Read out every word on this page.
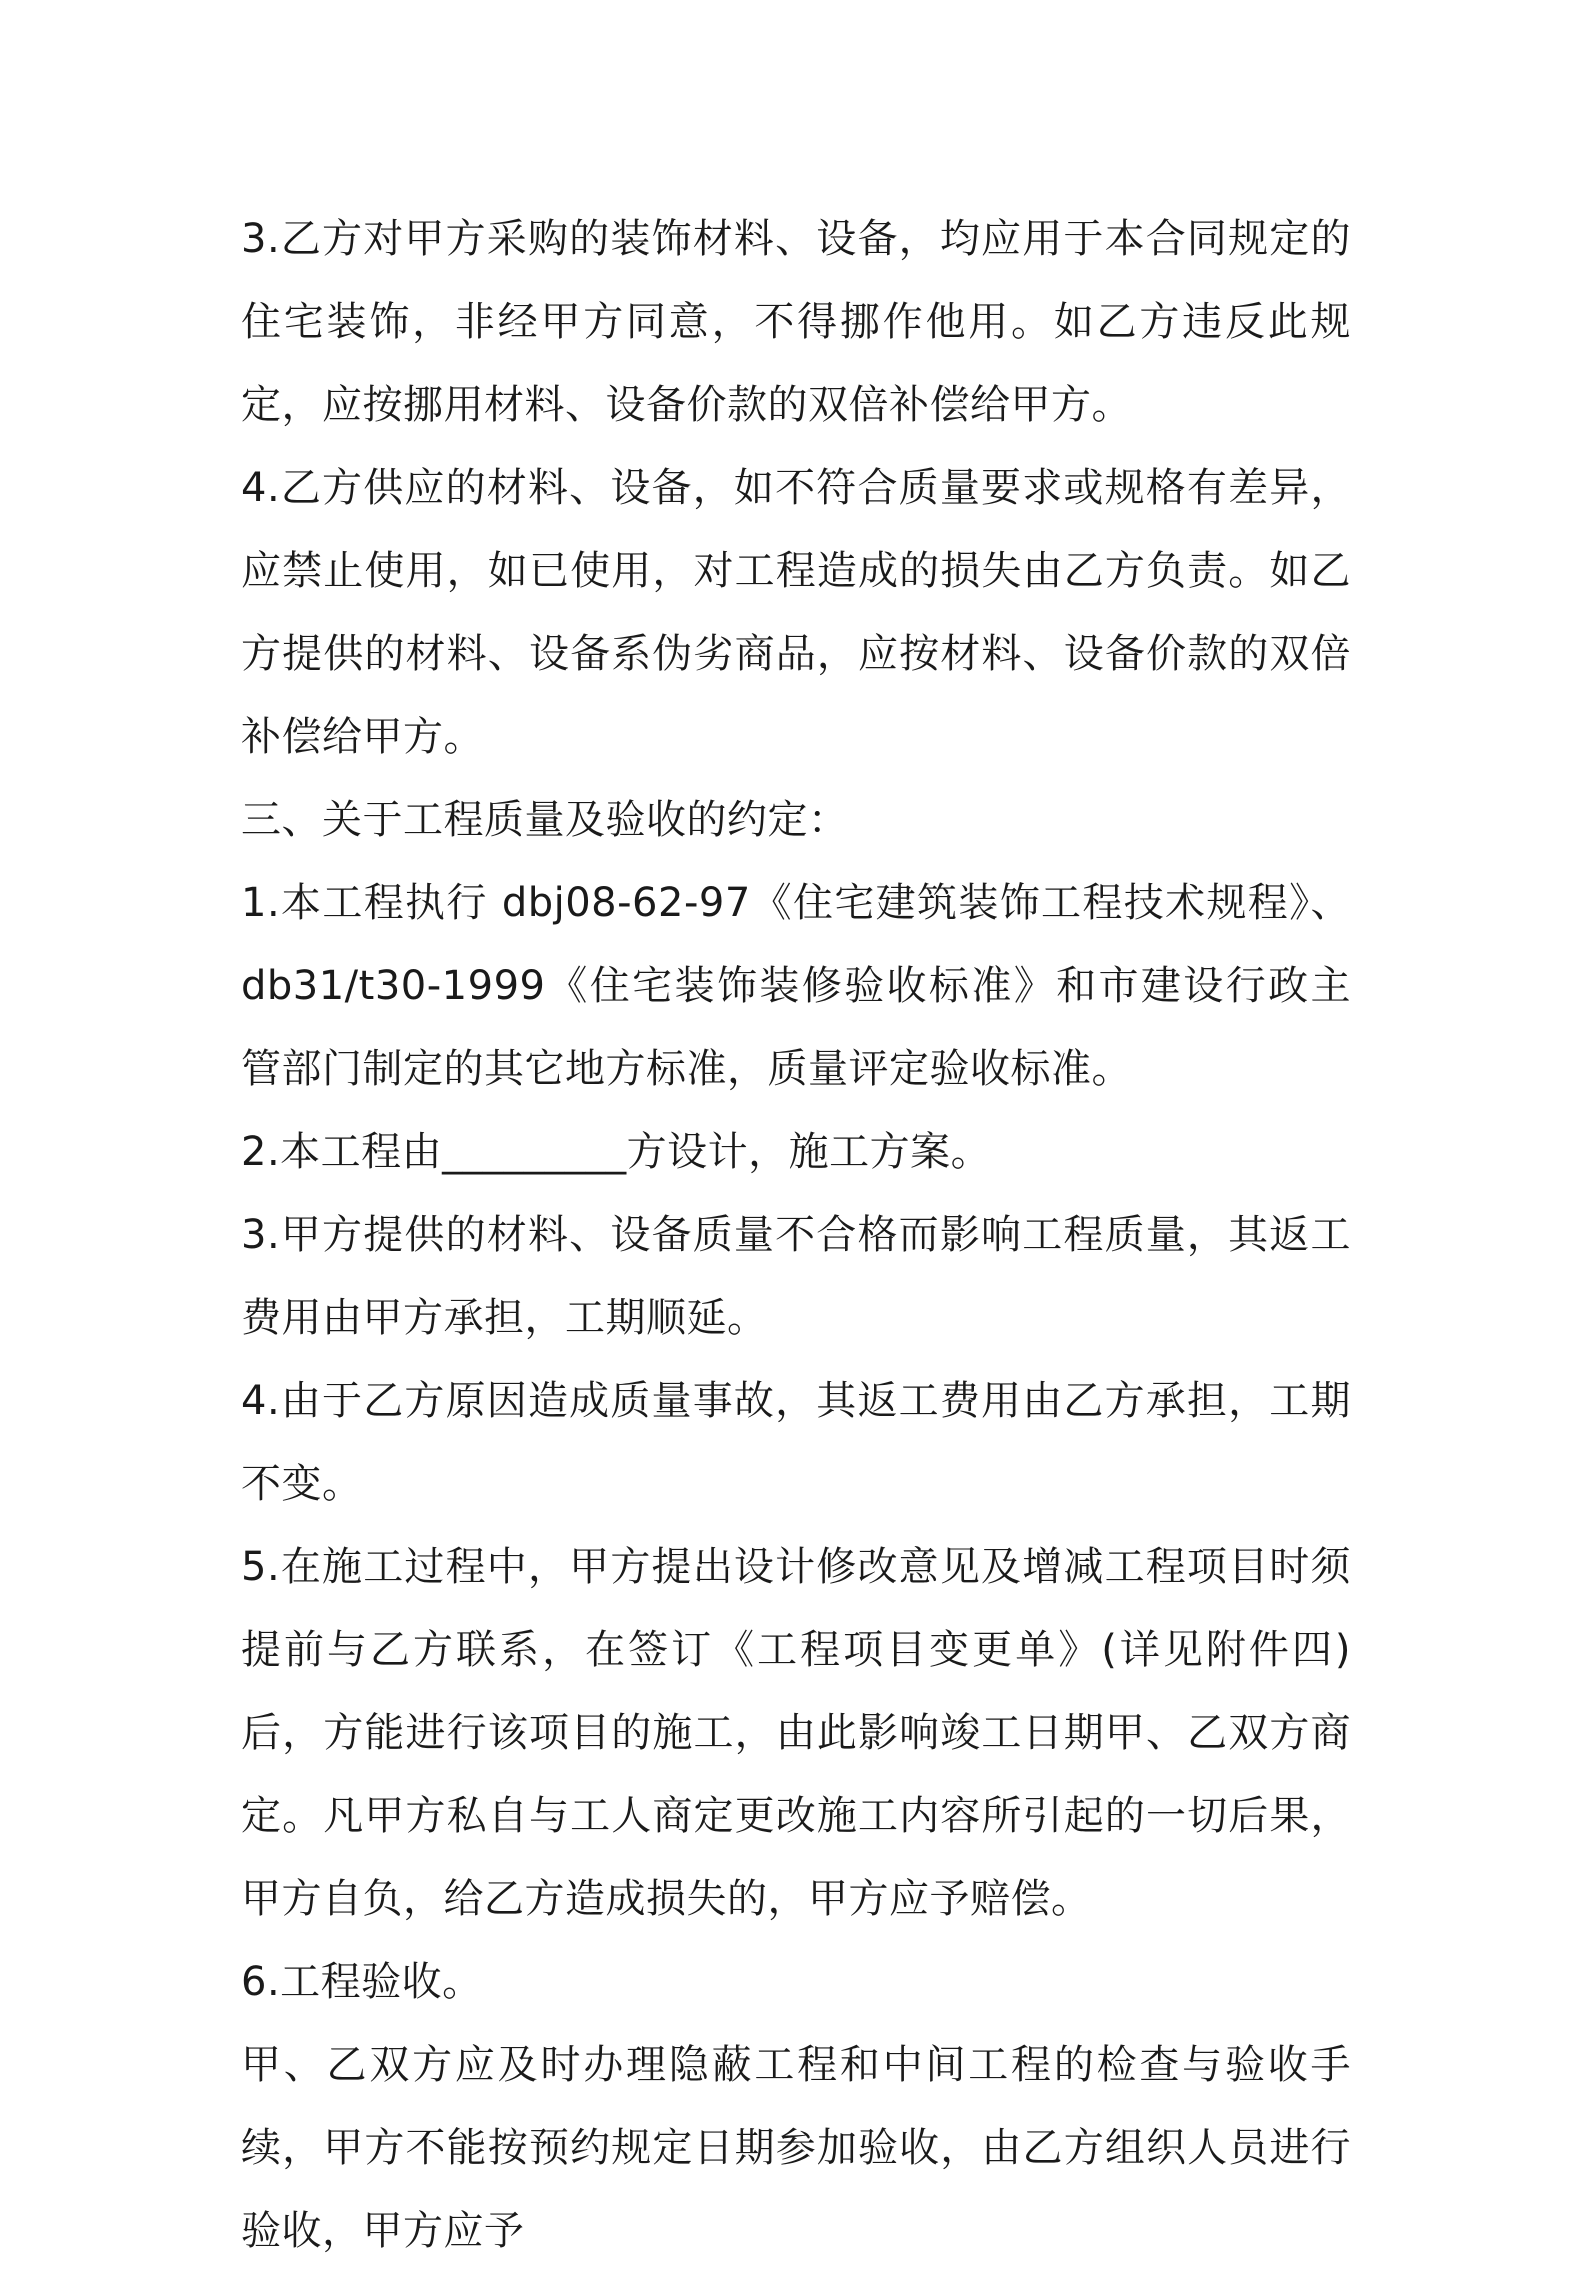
3.乙方对甲方采购的装饰材料、设备，均应用于本合同规定的住宅装饰，非经甲方同意，不得挪作他用。如乙方违反此规定，应按挪用材料、设备价款的双倍补偿给甲方。

4.乙方供应的材料、设备，如不符合质量要求或规格有差异，应禁止使用，如已使用，对工程造成的损失由乙方负责。如乙方提供的材料、设备系伪劣商品，应按材料、设备价款的双倍补偿给甲方。

三、关于工程质量及验收的约定：

1.本工程执行 dbj08-62-97《住宅建筑装饰工程技术规程》、db31/t30-1999《住宅装饰装修验收标准》和市建设行政主管部门制定的其它地方标准，质量评定验收标准。

2.本工程由_________方设计，施工方案。

3.甲方提供的材料、设备质量不合格而影响工程质量，其返工费用由甲方承担，工期顺延。

4.由于乙方原因造成质量事故，其返工费用由乙方承担，工期不变。

5.在施工过程中，甲方提出设计修改意见及增减工程项目时须提前与乙方联系，在签订《工程项目变更单》(详见附件四)后，方能进行该项目的施工，由此影响竣工日期甲、乙双方商定。凡甲方私自与工人商定更改施工内容所引起的一切后果，甲方自负，给乙方造成损失的，甲方应予赔偿。

6.工程验收。

甲、乙双方应及时办理隐蔽工程和中间工程的检查与验收手续，甲方不能按预约规定日期参加验收，由乙方组织人员进行验收，甲方应予
